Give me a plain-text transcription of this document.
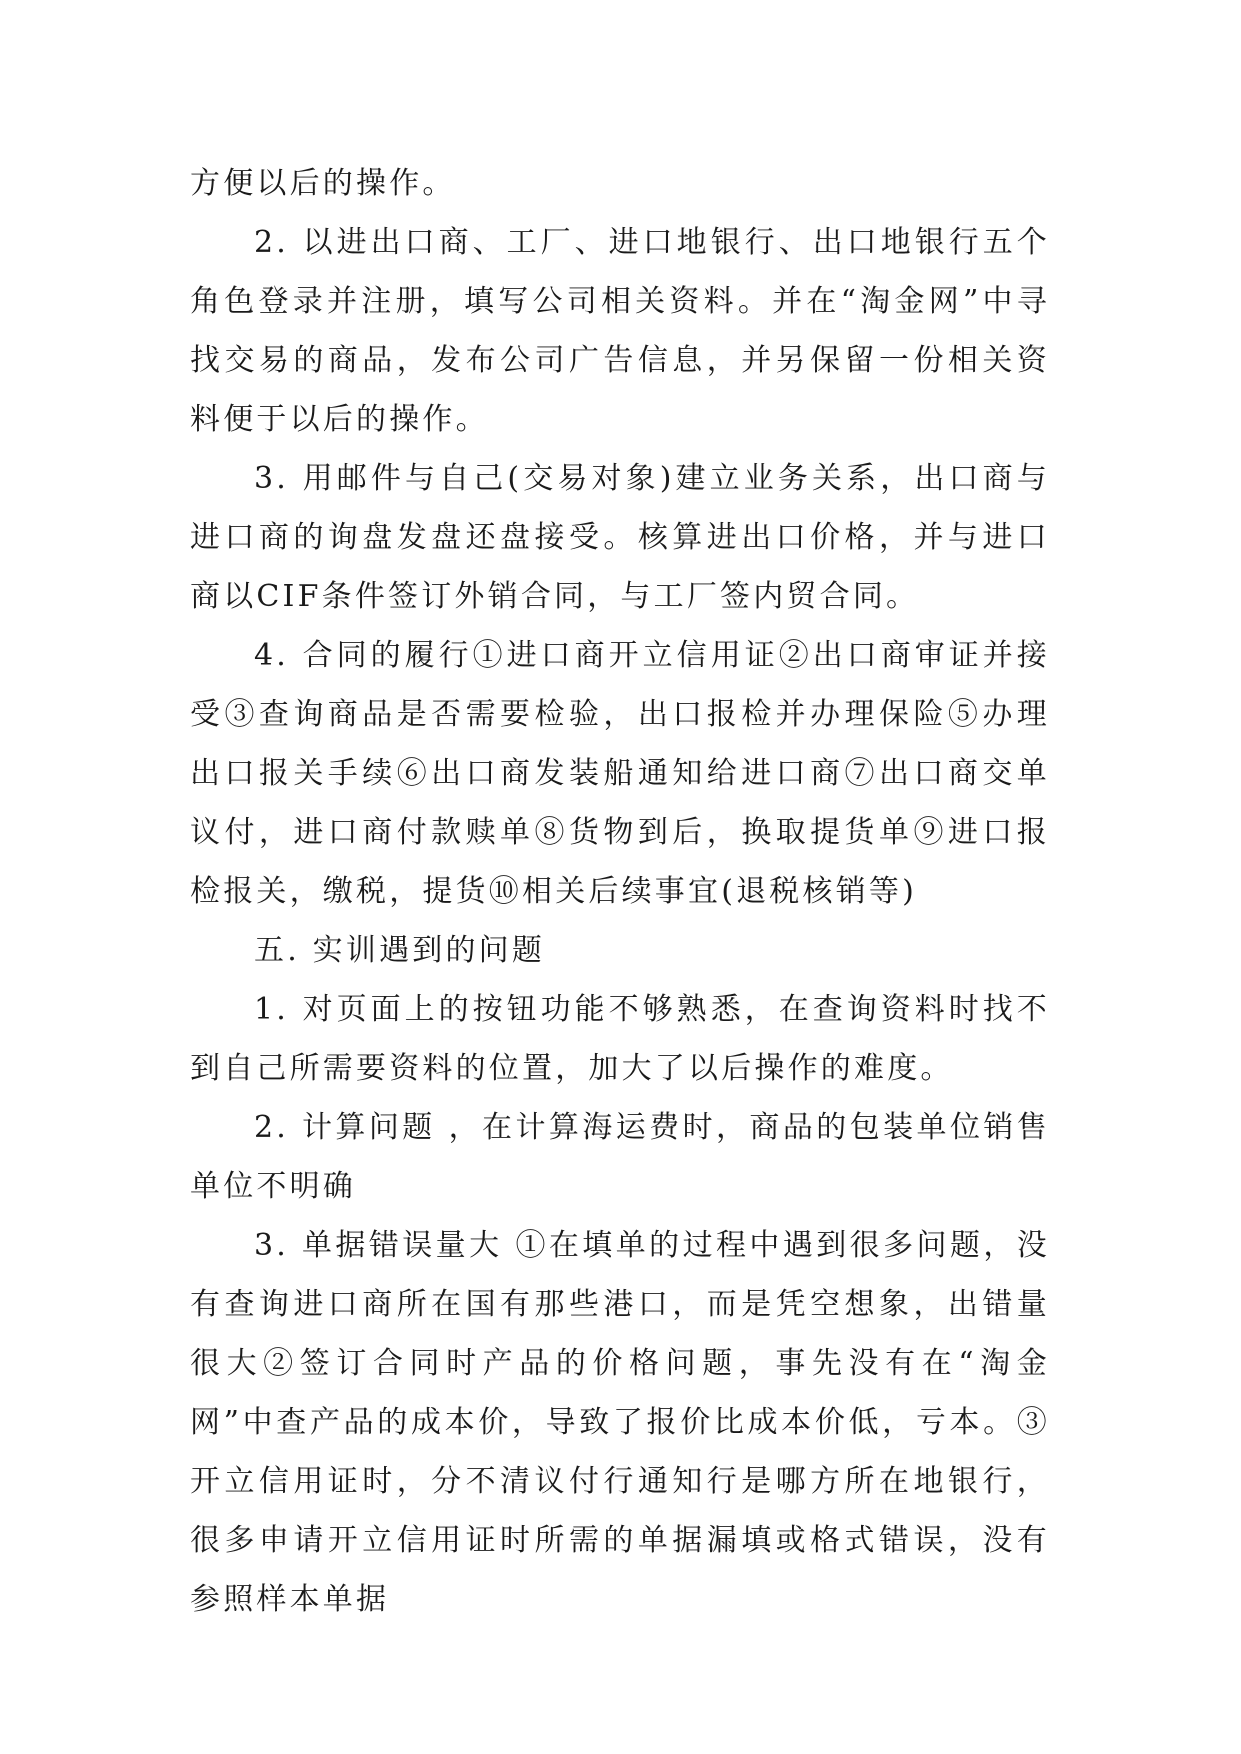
方便以后的操作。

2. 以进出口商、工厂、进口地银行、出口地银行五个角色登录并注册，填写公司相关资料。并在“淘金网”中寻找交易的商品，发布公司广告信息，并另保留一份相关资料便于以后的操作。

3. 用邮件与自己(交易对象)建立业务关系，出口商与进口商的询盘发盘还盘接受。核算进出口价格，并与进口商以CIF条件签订外销合同，与工厂签内贸合同。

4. 合同的履行①进口商开立信用证②出口商审证并接受③查询商品是否需要检验，出口报检并办理保险⑤办理出口报关手续⑥出口商发装船通知给进口商⑦出口商交单议付，进口商付款赎单⑧货物到后，换取提货单⑨进口报检报关，缴税，提货⑩相关后续事宜(退税核销等)

五. 实训遇到的问题

1. 对页面上的按钮功能不够熟悉，在查询资料时找不到自己所需要资料的位置，加大了以后操作的难度。

2. 计算问题 ，在计算海运费时，商品的包装单位销售单位不明确

3. 单据错误量大 ①在填单的过程中遇到很多问题，没有查询进口商所在国有那些港口，而是凭空想象，出错量很大②签订合同时产品的价格问题，事先没有在“淘金网”中查产品的成本价，导致了报价比成本价低，亏本。③开立信用证时，分不清议付行通知行是哪方所在地银行，很多申请开立信用证时所需的单据漏填或格式错误，没有参照样本单据
